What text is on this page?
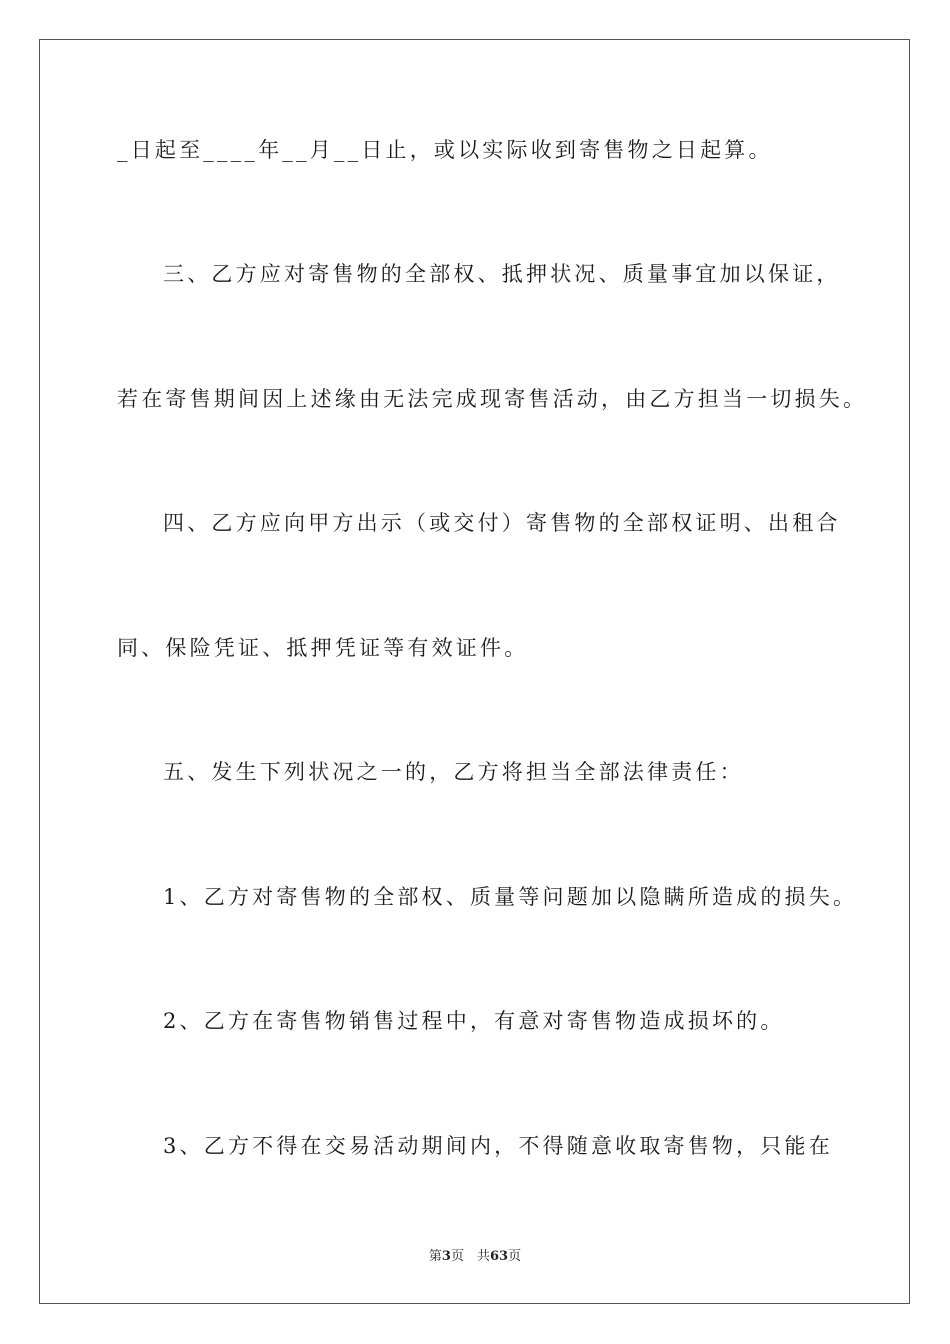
_日起至____年__月__日止，或以实际收到寄售物之日起算。
三、乙方应对寄售物的全部权、抵押状况、质量事宜加以保证，
若在寄售期间因上述缘由无法完成现寄售活动，由乙方担当一切损失。
四、乙方应向甲方出示（或交付）寄售物的全部权证明、出租合
同、保险凭证、抵押凭证等有效证件。
五、发生下列状况之一的，乙方将担当全部法律责任：
1、乙方对寄售物的全部权、质量等问题加以隐瞒所造成的损失。
2、乙方在寄售物销售过程中，有意对寄售物造成损坏的。
3、乙方不得在交易活动期间内，不得随意收取寄售物，只能在
第3页　共63页
